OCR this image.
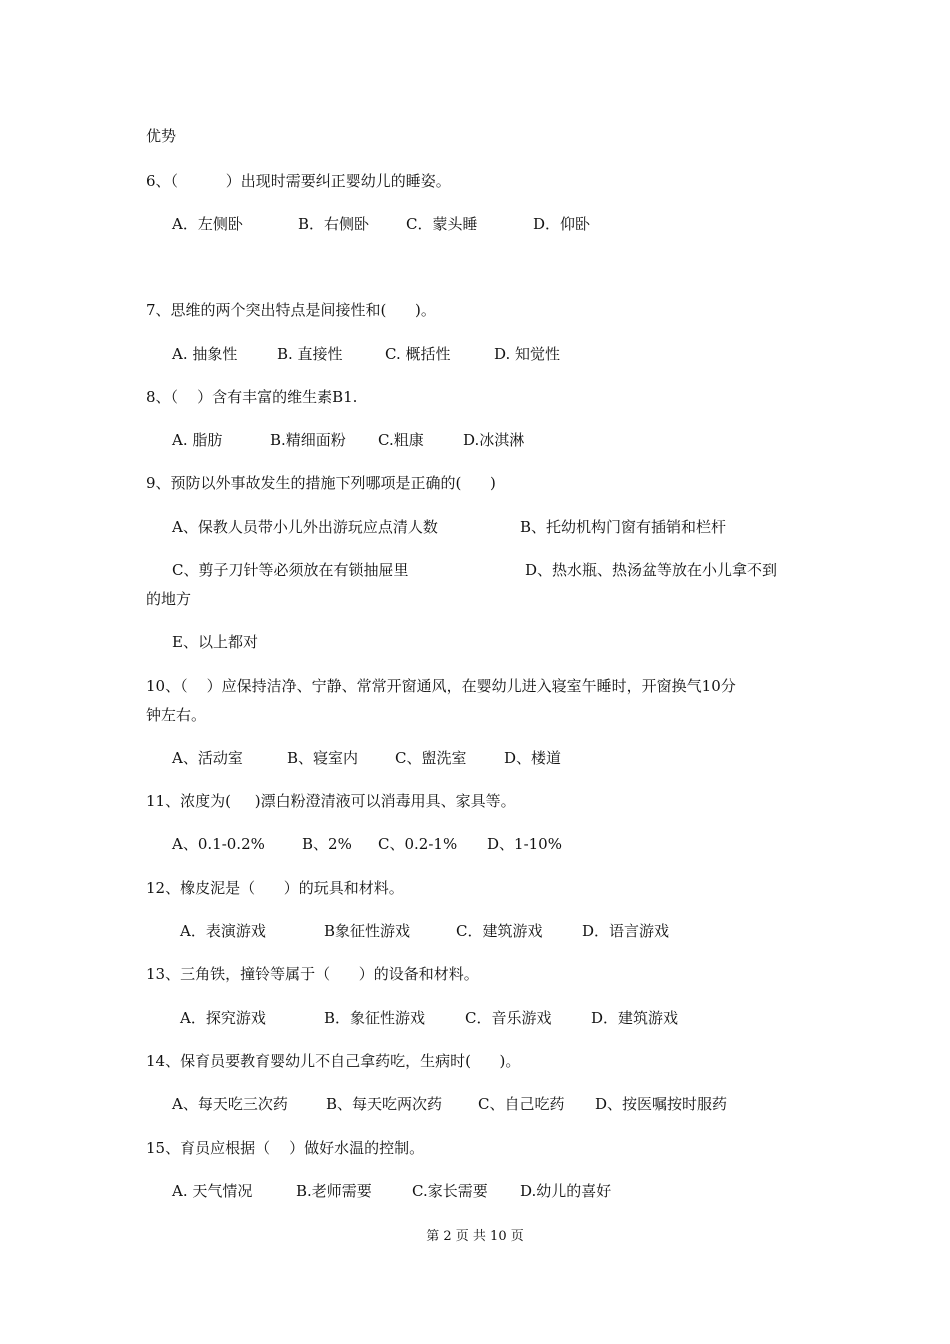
优势
6、（          ）出现时需要纠正婴幼儿的睡姿。
A．左侧卧	B．右侧卧 C．蒙头睡	D．仰卧
7、思维的两个突出特点是间接性和(      )。
A. 抽象性	B. 直接性	C. 概括性	D. 知觉性
8、（    ）含有丰富的维生素B1.
A. 脂肪	B.精细面粉 C.粗康	D.冰淇淋
9、预防以外事故发生的措施下列哪项是正确的(      )
A、保教人员带小儿外出游玩应点清人数	B、托幼机构门窗有插销和栏杆
C、剪子刀针等必须放在有锁抽屉里	D、热水瓶、热汤盆等放在小儿拿不到
的地方
E、以上都对
10、（    ）应保持洁净、宁静、常常开窗通风，在婴幼儿进入寝室午睡时，开窗换气10分
钟左右。
A、活动室	B、寝室内 C、盥洗室	D、楼道
11、浓度为(     )漂白粉澄清液可以消毒用具、家具等。
A、0.1-0.2% B、2% C、0.2-1% D、1-10%
12、橡皮泥是（      ）的玩具和材料。
A．表演游戏	B象征性游戏	C．建筑游戏	D．语言游戏
13、三角铁，撞铃等属于（      ）的设备和材料。
A．探究游戏	B．象征性游戏	C．音乐游戏	D．建筑游戏
14、保育员要教育婴幼儿不自己拿药吃，生病时(      )。
A、每天吃三次药	B、每天吃两次药 C、自己吃药 D、按医嘱按时服药
15、育员应根据（    ）做好水温的控制。
A. 天气情况	B.老师需要	C.家长需要 D.幼儿的喜好
第 2 页 共 10 页
